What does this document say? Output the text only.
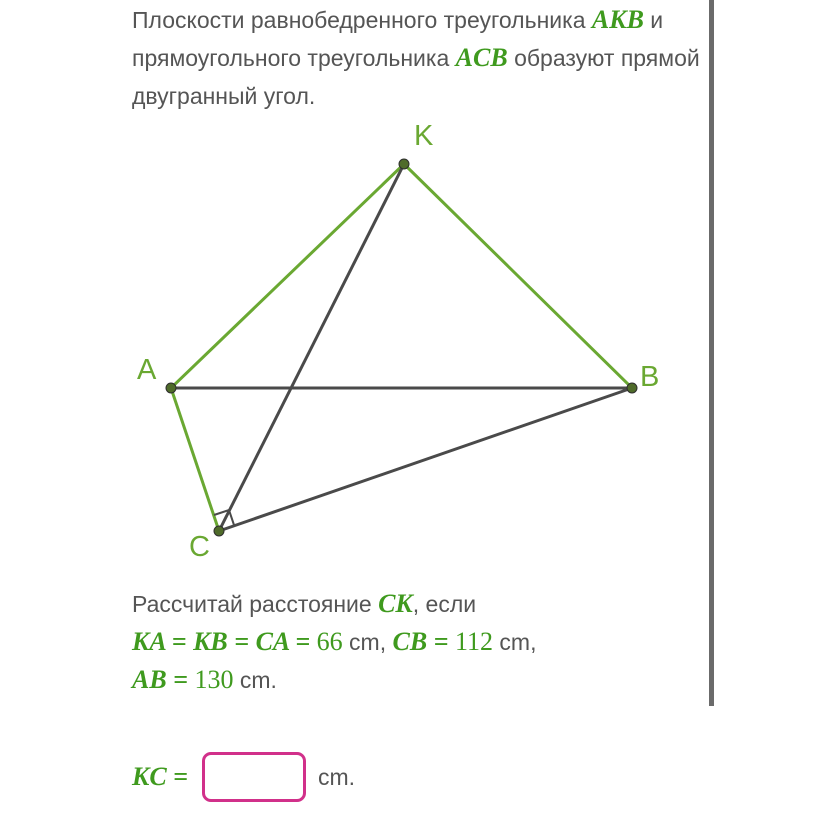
Плоскости равнобедренного треугольника AKB и прямоугольного треугольника ACB образуют прямой двугранный угол.

K
A	B
C

Рассчитай расстояние CK, если

KA = KB = CA = 66 cm, CB = 112 cm,

AB = 130 cm.

KC =	cm.
